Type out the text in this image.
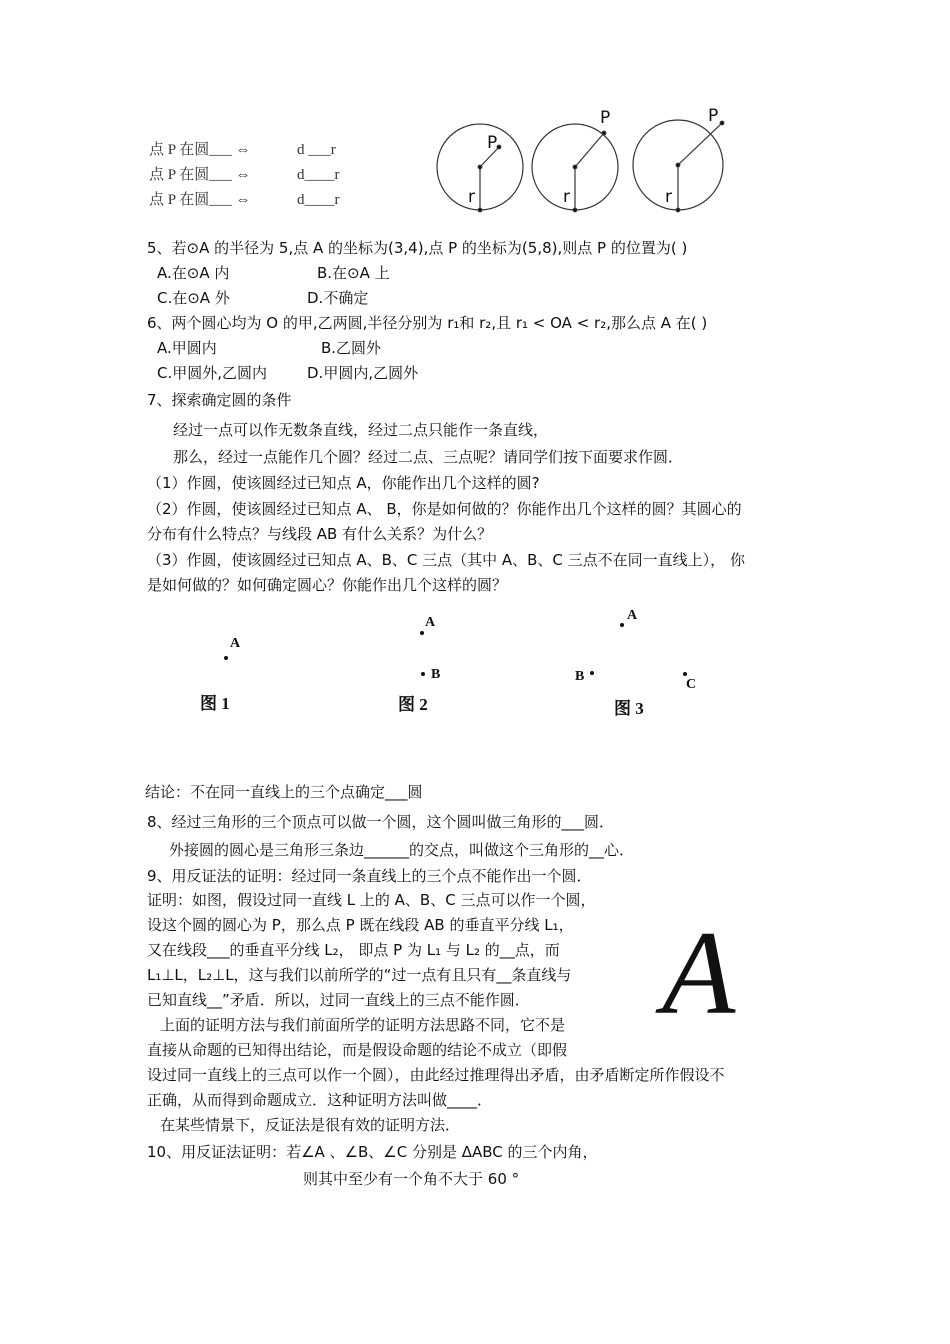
点 P 在圆___ ⇔	d ___r
点 P 在圆___ ⇔	d____r
点 P 在圆___ ⇔	d____r
P
r
P
r
P
r
5、若⊙A 的半径为 5,点 A 的坐标为(3,4),点 P 的坐标为(5,8),则点 P 的位置为( )
A.在⊙A 内	B.在⊙A 上
C.在⊙A 外	D.不确定
6、两个圆心均为 O 的甲,乙两圆,半径分别为 r₁和 r₂,且 r₁ < OA < r₂,那么点 A 在( )
A.甲圆内	B.乙圆外
C.甲圆外,乙圆内	D.甲圆内,乙圆外
7、探索确定圆的条件
经过一点可以作无数条直线，经过二点只能作一条直线，
那么，经过一点能作几个圆？经过二点、三点呢？请同学们按下面要求作圆．
（1）作圆，使该圆经过已知点 A，你能作出几个这样的圆?
（2）作圆，使该圆经过已知点 A、 B，你是如何做的？你能作出几个这样的圆？其圆心的
分布有什么特点？与线段 AB 有什么关系？为什么？
（3）作圆，使该圆经过已知点 A、B、C 三点（其中 A、B、C 三点不在同一直线上）， 你
是如何做的？如何确定圆心？你能作出几个这样的圆？
A
图 1
A
B
图 2
A
B
C
图 3
结论：不在同一直线上的三个点确定___圆
8、经过三角形的三个顶点可以做一个圆，这个圆叫做三角形的___圆．
外接圆的圆心是三角形三条边______的交点，叫做这个三角形的__心．
9、用反证法的证明：经过同一条直线上的三个点不能作出一个圆．
证明：如图，假设过同一直线 L 上的 A、B、C 三点可以作一个圆，
设这个圆的圆心为 P，那么点 P 既在线段 AB 的垂直平分线 L₁，
又在线段___的垂直平分线 L₂， 即点 P 为 L₁ 与 L₂ 的__点，而
L₁⊥L，L₂⊥L，这与我们以前所学的“过一点有且只有__条直线与
已知直线__”矛盾．所以，过同一直线上的三点不能作圆．
上面的证明方法与我们前面所学的证明方法思路不同，它不是
直接从命题的已知得出结论，而是假设命题的结论不成立（即假
设过同一直线上的三点可以作一个圆），由此经过推理得出矛盾，由矛盾断定所作假设不
正确，从而得到命题成立．这种证明方法叫做____．
在某些情景下，反证法是很有效的证明方法．
A
10、用反证法证明：若∠A 、∠B、∠C 分别是 ΔABC 的三个内角，
则其中至少有一个角不大于 60 °
